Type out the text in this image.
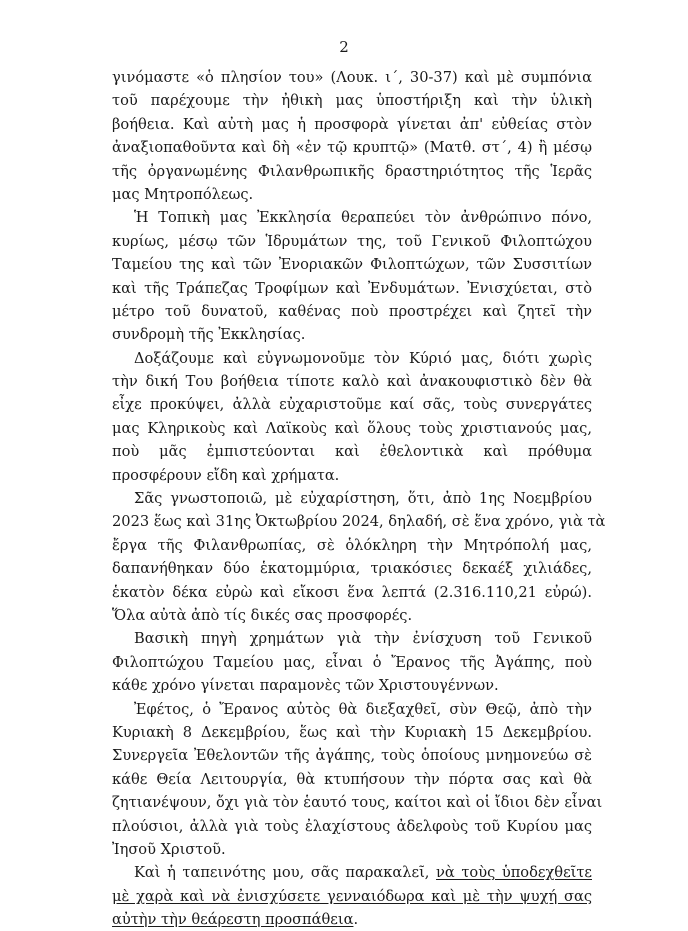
2
γινόμαστε «ὁ πλησίον του» (Λουκ. ι΄, 30-37) καὶ μὲ συμπόνια
τοῦ παρέχουμε τὴν ἠθικὴ μας ὑποστήριξη καὶ τὴν ὑλικὴ
βοήθεια. Καὶ αὐτὴ μας ἡ προσφορὰ γίνεται ἀπ' εὐθείας στὸν
ἀναξιοπαθοῦντα καὶ δὴ «ἐν τῷ κρυπτῷ» (Ματθ. στ΄, 4) ἢ μέσῳ
τῆς ὀργανωμένης Φιλανθρωπικῆς δραστηριότητος τῆς Ἱερᾶς
μας Μητροπόλεως.
Ἡ Τοπικὴ μας Ἐκκλησία θεραπεύει τὸν ἀνθρώπινο πόνο,
κυρίως, μέσῳ τῶν Ἱδρυμάτων της, τοῦ Γενικοῦ Φιλοπτώχου
Ταμείου της καὶ τῶν Ἐνοριακῶν Φιλοπτώχων, τῶν Συσσιτίων
καὶ τῆς Τράπεζας Τροφίμων καὶ Ἐνδυμάτων. Ἐνισχύεται, στὸ
μέτρο τοῦ δυνατοῦ, καθένας ποὺ προστρέχει καὶ ζητεῖ τὴν
συνδρομὴ τῆς Ἐκκλησίας.
Δοξάζουμε καὶ εὐγνωμονοῦμε τὸν Κύριό μας, διότι χωρὶς
τὴν δική Του βοήθεια τίποτε καλὸ καὶ ἀνακουφιστικὸ δὲν θὰ
εἶχε προκύψει, ἀλλὰ εὐχαριστοῦμε καί σᾶς, τοὺς συνεργάτες
μας Κληρικοὺς καὶ Λαϊκοὺς καὶ ὅλους τοὺς χριστιανούς μας,
ποὺ μᾶς ἐμπιστεύονται καὶ ἐθελοντικὰ καὶ πρόθυμα
προσφέρουν εἴδη καὶ χρήματα.
Σᾶς γνωστοποιῶ, μὲ εὐχαρίστηση, ὅτι, ἀπὸ 1ης Νοεμβρίου
2023 ἕως καὶ 31ης Ὀκτωβρίου 2024, δηλαδή, σὲ ἕνα χρόνο, γιὰ τὰ
ἔργα τῆς Φιλανθρωπίας, σὲ ὁλόκληρη τὴν Μητρόπολή μας,
δαπανήθηκαν δύο ἑκατομμύρια, τριακόσιες δεκαέξ χιλιάδες,
ἑκατὸν δέκα εὐρὼ καὶ εἴκοσι ἕνα λεπτά (2.316.110,21 εὐρώ).
Ὅλα αὐτὰ ἀπὸ τίς δικές σας προσφορές.
Βασικὴ πηγὴ χρημάτων γιὰ τὴν ἐνίσχυση τοῦ Γενικοῦ
Φιλοπτώχου Ταμείου μας, εἶναι ὁ Ἔρανος τῆς Ἀγάπης, ποὺ
κάθε χρόνο γίνεται παραμονὲς τῶν Χριστουγέννων.
Ἐφέτος, ὁ Ἔρανος αὐτὸς θὰ διεξαχθεῖ, σὺν Θεῷ, ἀπὸ τὴν
Κυριακὴ 8 Δεκεμβρίου, ἕως καὶ τὴν Κυριακὴ 15 Δεκεμβρίου.
Συνεργεῖα Ἐθελοντῶν τῆς ἀγάπης, τοὺς ὁποίους μνημονεύω σὲ
κάθε Θεία Λειτουργία, θὰ κτυπήσουν τὴν πόρτα σας καὶ θὰ
ζητιανέψουν, ὄχι γιὰ τὸν ἑαυτό τους, καίτοι καὶ οἱ ἴδιοι δὲν εἶναι
πλούσιοι, ἀλλὰ γιὰ τοὺς ἐλαχίστους ἀδελφοὺς τοῦ Κυρίου μας
Ἰησοῦ Χριστοῦ.
Καὶ ἡ ταπεινότης μου, σᾶς παρακαλεῖ, νὰ τοὺς ὑποδεχθεῖτε
μὲ χαρὰ καὶ νὰ ἐνισχύσετε γενναιόδωρα καὶ μὲ τὴν ψυχή σας
αὐτὴν τὴν θεάρεστη προσπάθεια.
